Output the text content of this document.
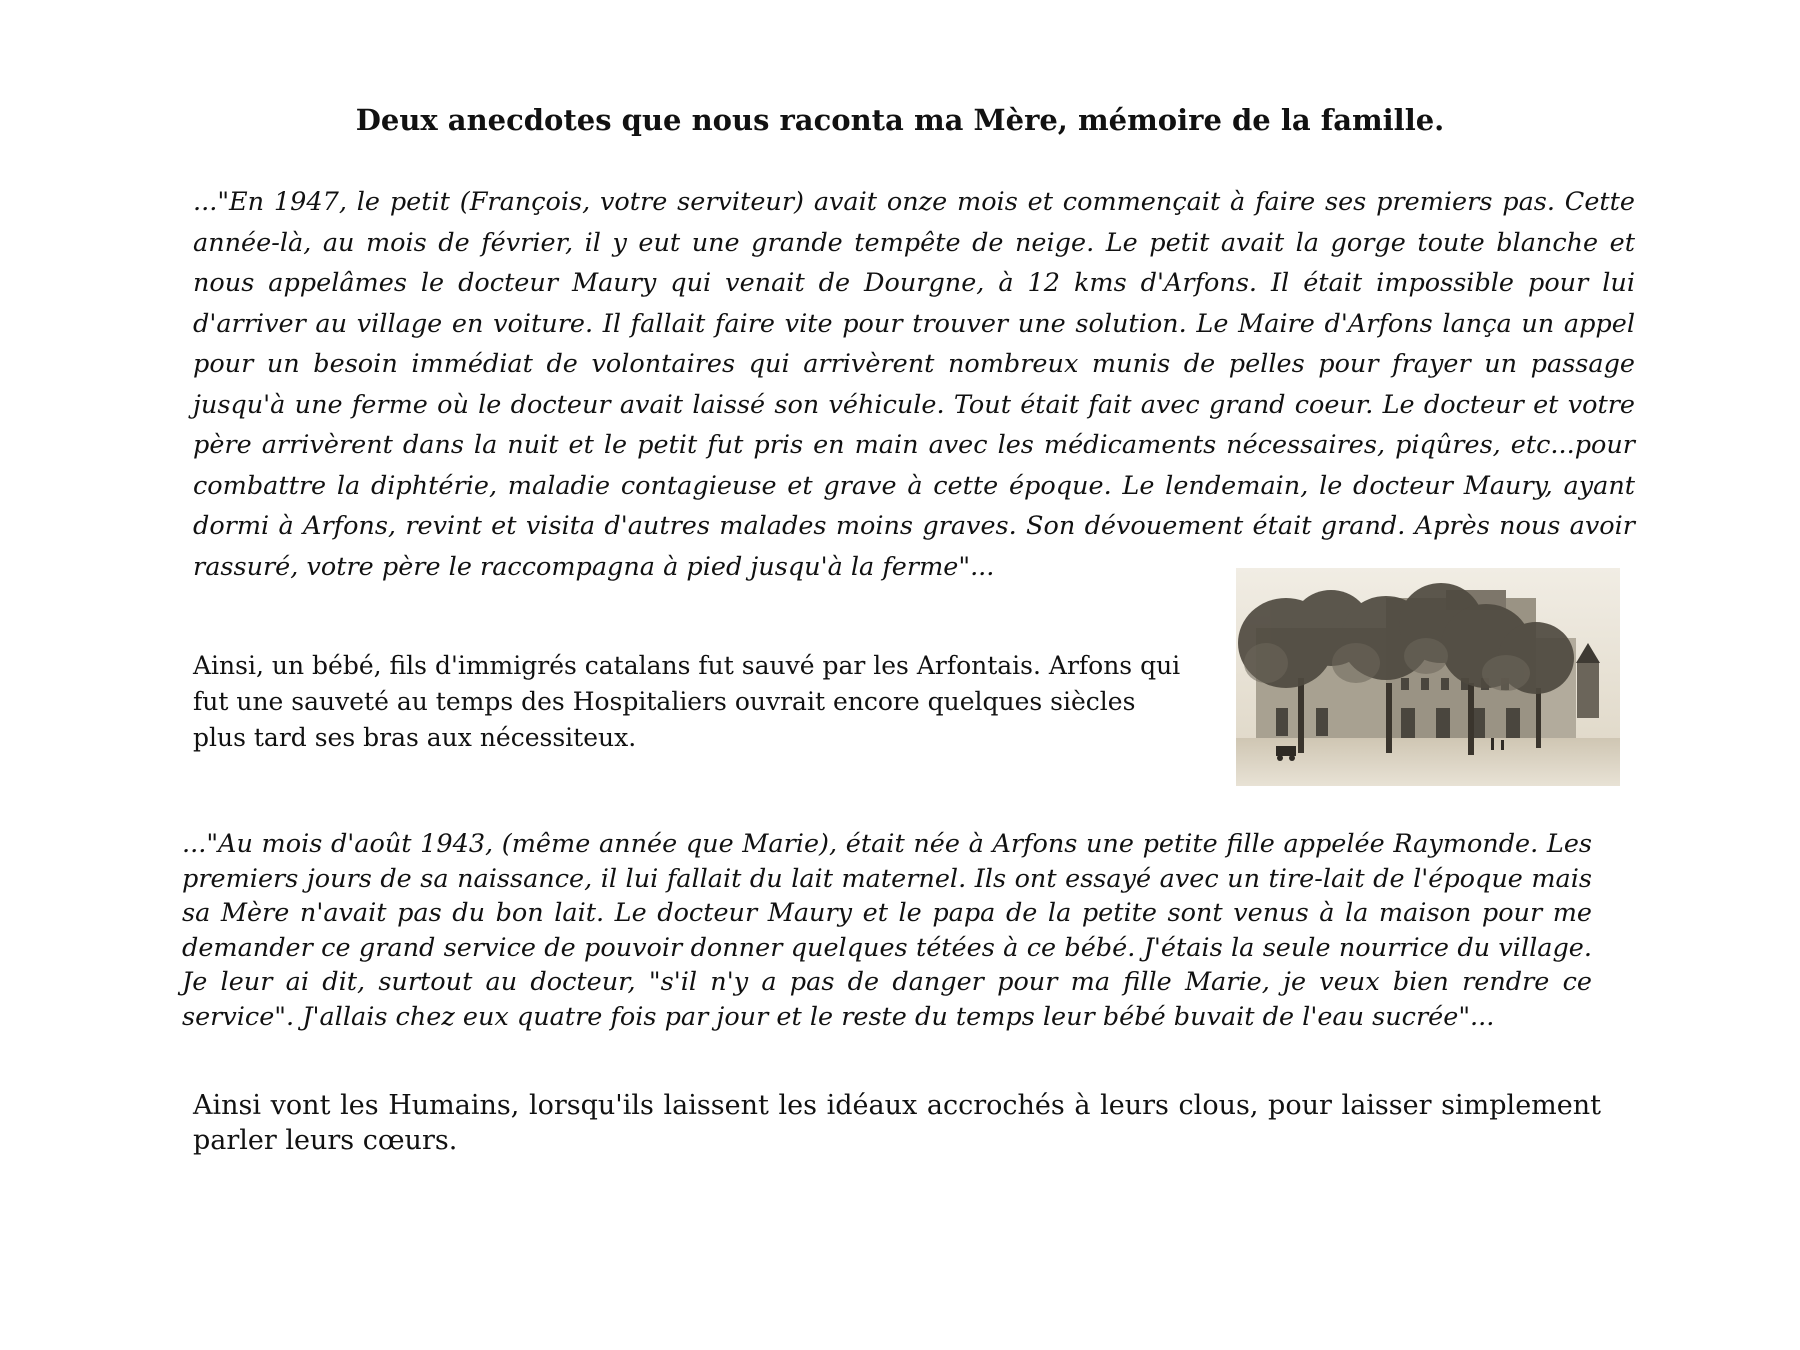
Deux anecdotes que nous raconta ma Mère, mémoire de la famille.

..."En 1947, le petit (François, votre serviteur) avait onze mois et commençait à faire ses premiers pas. Cette année-là, au mois de février, il y eut une grande tempête de neige. Le petit avait la gorge toute blanche et nous appelâmes le docteur Maury qui venait de Dourgne, à 12 kms d'Arfons. Il était impossible pour lui d'arriver au village en voiture. Il fallait faire vite pour trouver une solution. Le Maire d'Arfons lança un appel pour un besoin immédiat de volontaires qui arrivèrent nombreux munis de pelles pour frayer un passage jusqu'à une ferme où le docteur avait laissé son véhicule. Tout était fait avec grand coeur. Le docteur et votre père arrivèrent dans la nuit et le petit fut pris en main avec les médicaments nécessaires, piqûres, etc...pour combattre la diphtérie, maladie contagieuse et grave à cette époque. Le lendemain, le docteur Maury, ayant dormi à Arfons, revint et visita d'autres malades moins graves. Son dévouement était grand. Après nous avoir rassuré, votre père le raccompagna à pied jusqu'à la ferme"...

Ainsi, un bébé, fils d'immigrés catalans fut sauvé par les Arfontais. Arfons qui fut une sauveté au temps des Hospitaliers ouvrait encore quelques siècles plus tard ses bras aux nécessiteux.

..."Au mois d'août 1943, (même année que Marie), était née à Arfons une petite fille appelée Raymonde. Les premiers jours de sa naissance, il lui fallait du lait maternel. Ils ont essayé avec un tire-lait de l'époque mais sa Mère n'avait pas du bon lait. Le docteur Maury et le papa de la petite sont venus à la maison pour me demander ce grand service de pouvoir donner quelques tétées à ce bébé. J'étais la seule nourrice du village. Je leur ai dit, surtout au docteur, "s'il n'y a pas de danger pour ma fille Marie, je veux bien rendre ce service". J'allais chez eux quatre fois par jour et le reste du temps leur bébé buvait de l'eau sucrée"...

Ainsi vont les Humains, lorsqu'ils laissent les idéaux accrochés à leurs clous, pour laisser simplement parler leurs cœurs.
